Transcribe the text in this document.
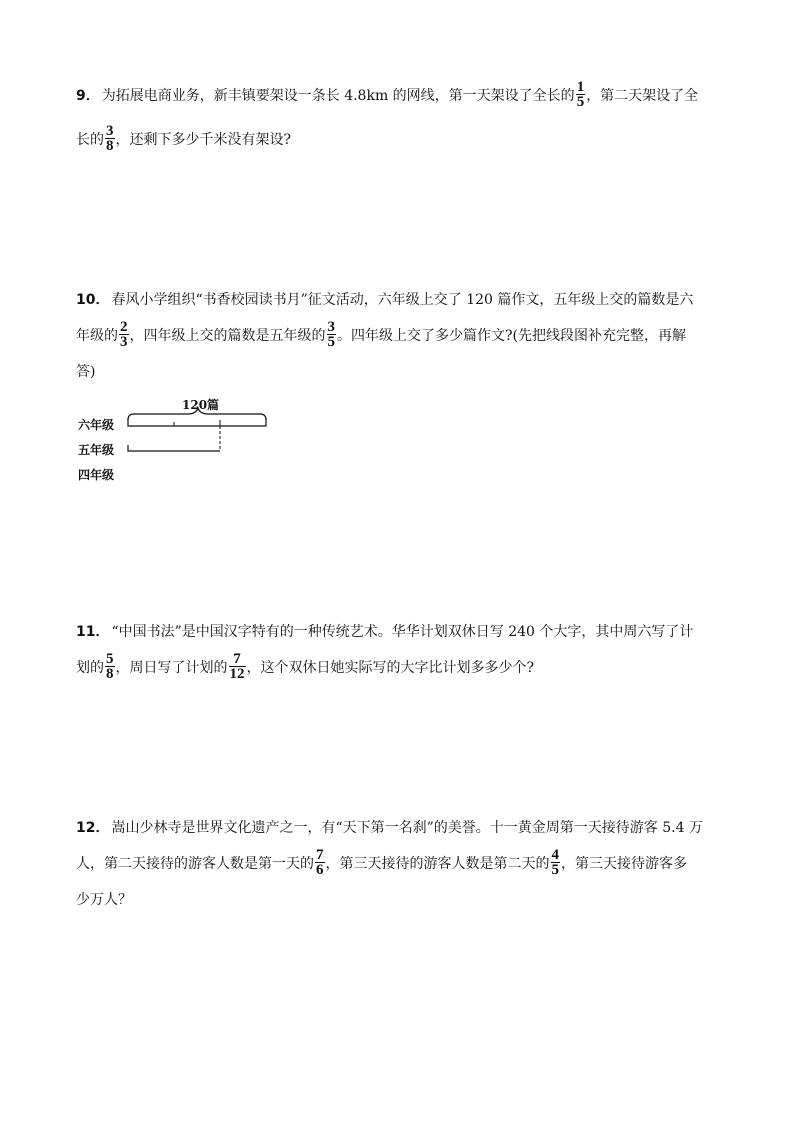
9． 为拓展电商业务，新丰镇要架设一条长 4.8km 的网线，第一天架设了全长的 $\frac{1}{5}$ ，第二天架设了全
长的 $\frac{3}{8}$ ，还剩下多少千米没有架设?
10． 春风小学组织“书香校园读书月”征文活动，六年级上交了 120 篇作文，五年级上交的篇数是六
年级的 $\frac{2}{3}$ ，四年级上交的篇数是五年级的 $\frac{3}{5}$ 。四年级上交了多少篇作文?(先把线段图补充完整，再解
答)
120篇
六年级
五年级
四年级
11． “中国书法”是中国汉字特有的一种传统艺术。华华计划双休日写 240 个大字，其中周六写了计
划的 $\frac{5}{8}$ ，周日写了计划的 $\frac{7}{12}$ ，这个双休日她实际写的大字比计划多多少个?
12． 嵩山少林寺是世界文化遗产之一，有“天下第一名刹”的美誉。十一黄金周第一天接待游客 5.4 万
人，第二天接待的游客人数是第一天的 $\frac{7}{6}$ ，第三天接待的游客人数是第二天的 $\frac{4}{5}$ ，第三天接待游客多
少万人？
